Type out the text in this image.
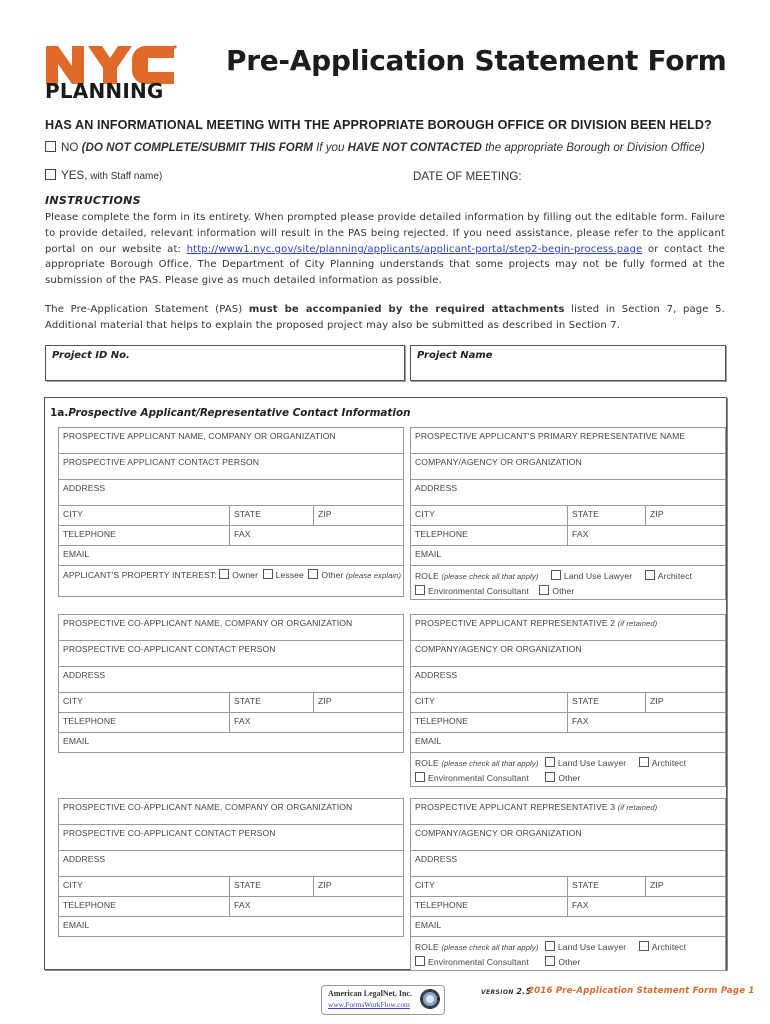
PLANNING
Pre-Application Statement Form
HAS AN INFORMATIONAL MEETING WITH THE APPROPRIATE BOROUGH OFFICE OR DIVISION BEEN HELD?
NO (DO NOT COMPLETE/SUBMIT THIS FORM If you HAVE NOT CONTACTED the appropriate Borough or Division Office)
YES, with Staff name)	DATE OF MEETING:
INSTRUCTIONS
Please complete the form in its entirety. When prompted please provide detailed information by filling out the editable form. Failure to provide detailed, relevant information will result in the PAS being rejected. If you need assistance, please refer to the applicant portal on our website at: http://www1.nyc.gov/site/planning/applicants/applicant-portal/step2-begin-process.page or contact the appropriate Borough Office. The Department of City Planning understands that some projects may not be fully formed at the submission of the PAS. Please give as much detailed information as possible.
The Pre-Application Statement (PAS) must be accompanied by the required attachments listed in Section 7, page 5. Additional material that helps to explain the proposed project may also be submitted as described in Section 7.
Project ID No.	Project Name
1a.Prospective Applicant/Representative Contact Information
PROSPECTIVE APPLICANT NAME, COMPANY OR ORGANIZATION
PROSPECTIVE APPLICANT CONTACT PERSON
ADDRESS
CITY	STATE	ZIP
TELEPHONE	FAX
EMAIL
APPLICANT'S PROPERTY INTEREST: Owner Lessee Other (please explain)
PROSPECTIVE APPLICANT'S PRIMARY REPRESENTATIVE NAME
COMPANY/AGENCY OR ORGANIZATION
ADDRESS
CITY	STATE	ZIP
TELEPHONE	FAX
EMAIL
ROLE (please check all that apply)	Land Use Lawyer	Architect
Environmental Consultant	Other
PROSPECTIVE CO-APPLICANT NAME, COMPANY OR ORGANIZATION
PROSPECTIVE CO-APPLICANT CONTACT PERSON
ADDRESS
CITY	STATE	ZIP
TELEPHONE	FAX
EMAIL
PROSPECTIVE APPLICANT REPRESENTATIVE 2 (if retained)
COMPANY/AGENCY OR ORGANIZATION
ADDRESS
CITY	STATE	ZIP
TELEPHONE	FAX
EMAIL
ROLE (please check all that apply) Land Use Lawyer	Architect
Environmental Consultant	Other
PROSPECTIVE CO-APPLICANT NAME, COMPANY OR ORGANIZATION
PROSPECTIVE CO-APPLICANT CONTACT PERSON
ADDRESS
CITY	STATE	ZIP
TELEPHONE	FAX
EMAIL
PROSPECTIVE APPLICANT REPRESENTATIVE 3 (if retained)
COMPANY/AGENCY OR ORGANIZATION
ADDRESS
CITY	STATE	ZIP
TELEPHONE	FAX
EMAIL
ROLE (please check all that apply) Land Use Lawyer	Architect
Environmental Consultant	Other
American LegalNet, Inc.
www.FormsWorkFlow.com
VERSION 2.5
2016 Pre-Application Statement Form Page 1
